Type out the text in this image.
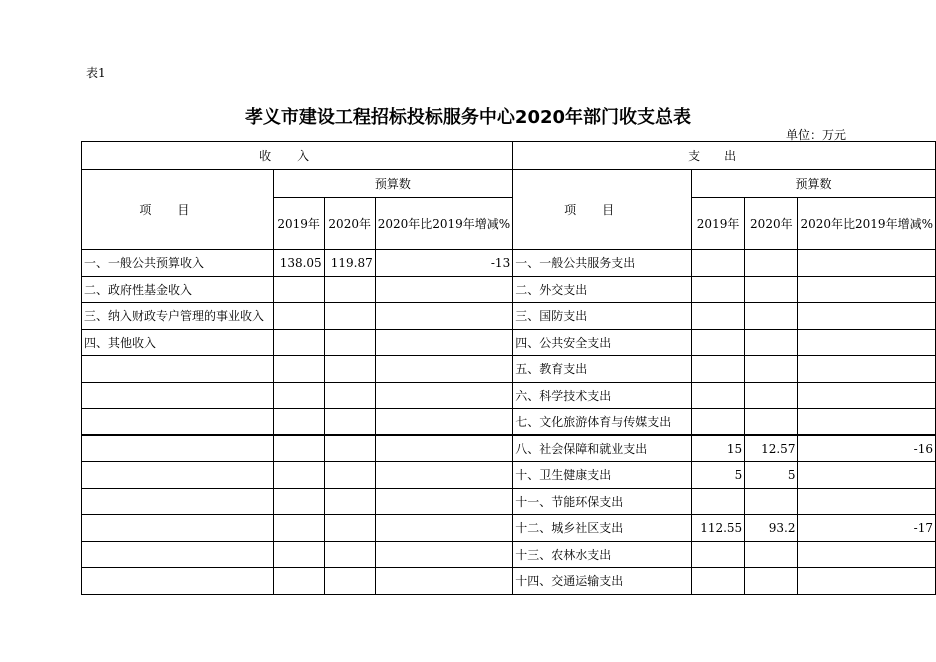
表1
孝义市建设工程招标投标服务中心2020年部门收支总表
单位：万元
收入				支出			
项目	预算数			项目	预算数		
	2019年	2020年	2020年比2019年增减%		2019年	2020年	2020年比2019年增减%
一、一般公共预算收入	138.05	119.87	-13	一、一般公共服务支出			
二、政府性基金收入				二、外交支出			
三、纳入财政专户管理的事业收入				三、国防支出			
四、其他收入				四、公共安全支出			
				五、教育支出			
				六、科学技术支出			
				七、文化旅游体育与传媒支出			
				八、社会保障和就业支出	15	12.57	-16
				十、卫生健康支出	5	5	
				十一、节能环保支出			
				十二、城乡社区支出	112.55	93.2	-17
				十三、农林水支出			
				十四、交通运输支出			
